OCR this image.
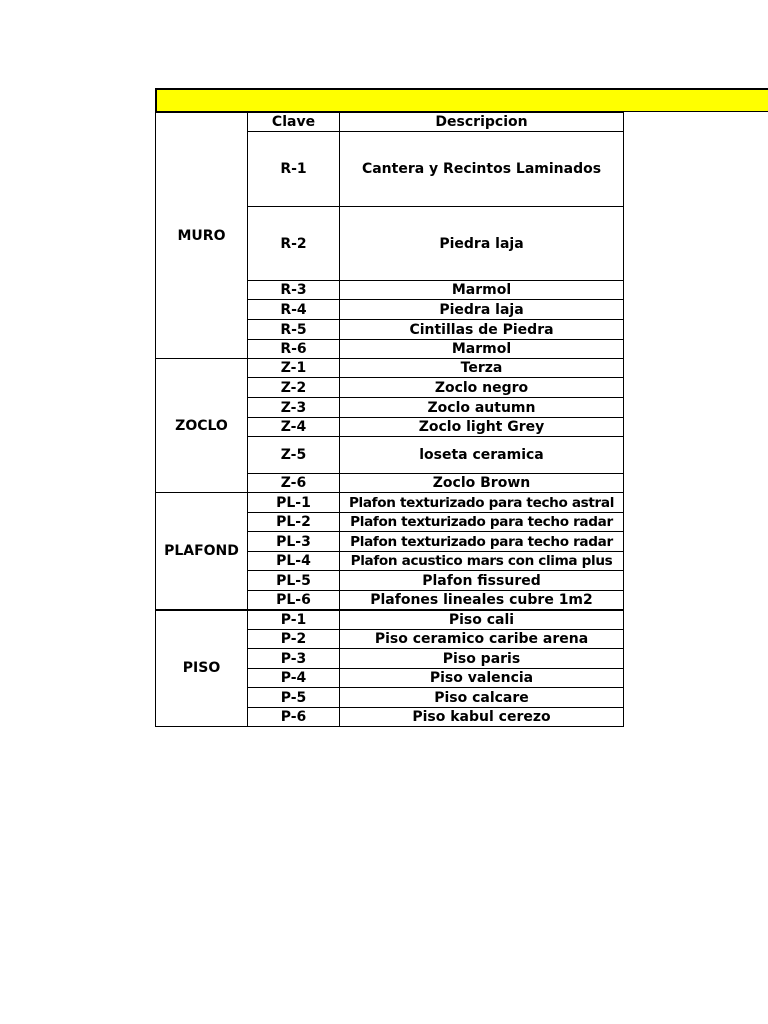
MURO	Clave	Descripcion
	R-1	Cantera y Recintos Laminados
	R-2	Piedra laja
	R-3	Marmol
	R-4	Piedra laja
	R-5	Cintillas de Piedra
	R-6	Marmol
ZOCLO	Z-1	Terza
	Z-2	Zoclo negro
	Z-3	Zoclo autumn
	Z-4	Zoclo light Grey
	Z-5	loseta ceramica
	Z-6	Zoclo Brown
PLAFOND	PL-1	Plafon texturizado para techo astral
	PL-2	Plafon texturizado para techo radar
	PL-3	Plafon texturizado para techo radar
	PL-4	Plafon acustico mars con clima plus
	PL-5	Plafon fissured
	PL-6	Plafones lineales cubre 1m2
PISO	P-1	Piso cali
	P-2	Piso ceramico caribe arena
	P-3	Piso paris
	P-4	Piso valencia
	P-5	Piso calcare
	P-6	Piso kabul cerezo
